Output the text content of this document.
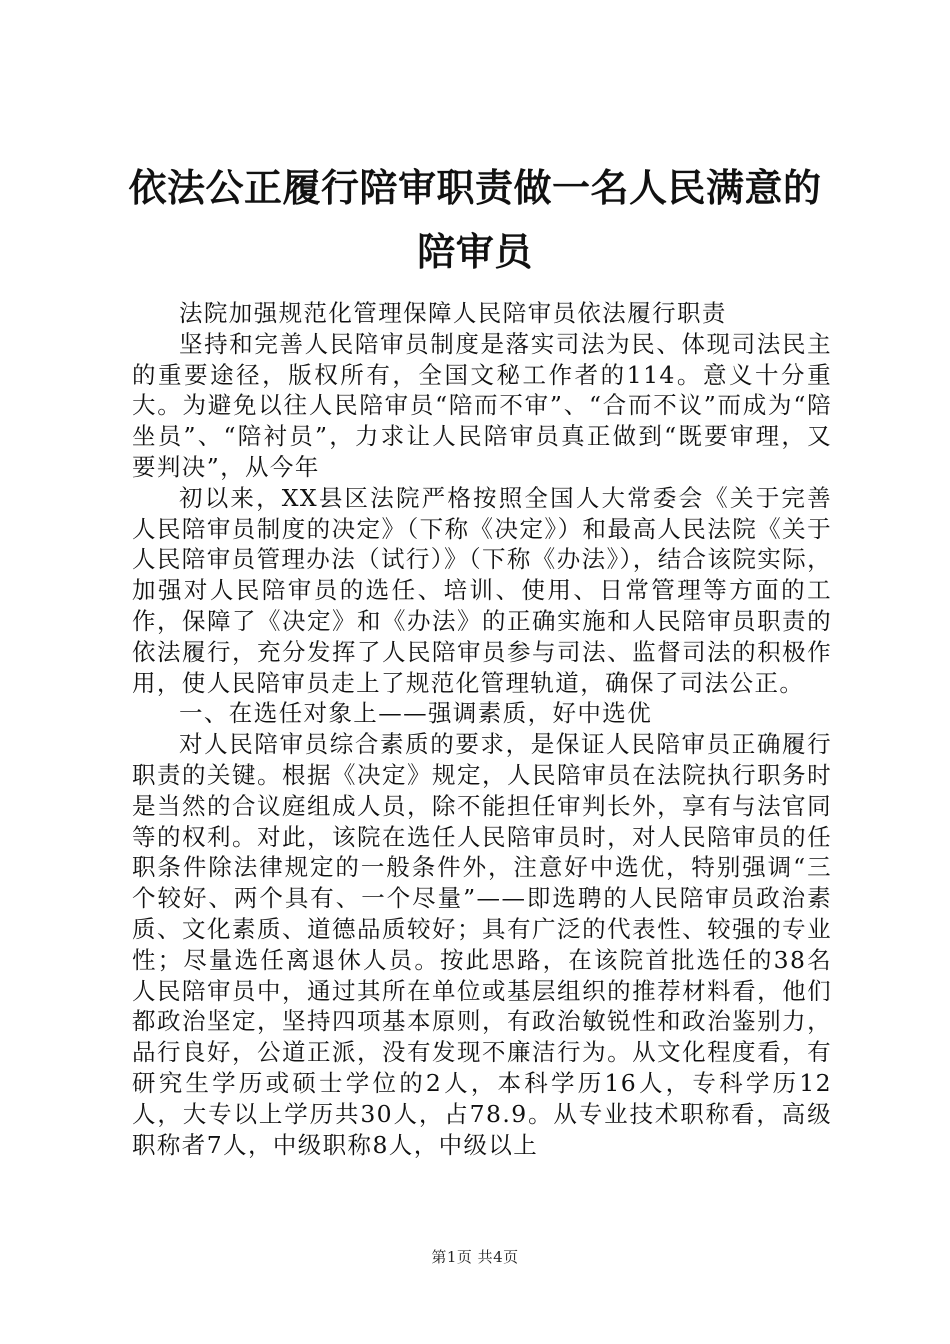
依法公正履行陪审职责做一名人民满意的陪审员

法院加强规范化管理保障人民陪审员依法履行职责

坚持和完善人民陪审员制度是落实司法为民、体现司法民主的重要途径，版权所有，全国文秘工作者的114。意义十分重大。为避免以往人民陪审员“陪而不审”、“合而不议”而成为“陪坐员”、“陪衬员”，力求让人民陪审员真正做到“既要审理，又要判决”，从今年

初以来，XX县区法院严格按照全国人大常委会《关于完善人民陪审员制度的决定》（下称《决定》）和最高人民法院《关于人民陪审员管理办法（试行）》（下称《办法》），结合该院实际，加强对人民陪审员的选任、培训、使用、日常管理等方面的工作，保障了《决定》和《办法》的正确实施和人民陪审员职责的依法履行，充分发挥了人民陪审员参与司法、监督司法的积极作用，使人民陪审员走上了规范化管理轨道，确保了司法公正。

一、在选任对象上——强调素质，好中选优

对人民陪审员综合素质的要求，是保证人民陪审员正确履行职责的关键。根据《决定》规定，人民陪审员在法院执行职务时是当然的合议庭组成人员，除不能担任审判长外，享有与法官同等的权利。对此，该院在选任人民陪审员时，对人民陪审员的任职条件除法律规定的一般条件外，注意好中选优，特别强调“三个较好、两个具有、一个尽量”——即选聘的人民陪审员政治素质、文化素质、道德品质较好；具有广泛的代表性、较强的专业性；尽量选任离退休人员。按此思路，在该院首批选任的38名人民陪审员中，通过其所在单位或基层组织的推荐材料看，他们都政治坚定，坚持四项基本原则，有政治敏锐性和政治鉴别力，品行良好，公道正派，没有发现不廉洁行为。从文化程度看，有研究生学历或硕士学位的2人，本科学历16人，专科学历12人，大专以上学历共30人，占78.9。从专业技术职称看，高级职称者7人，中级职称8人，中级以上

第1页 共4页
